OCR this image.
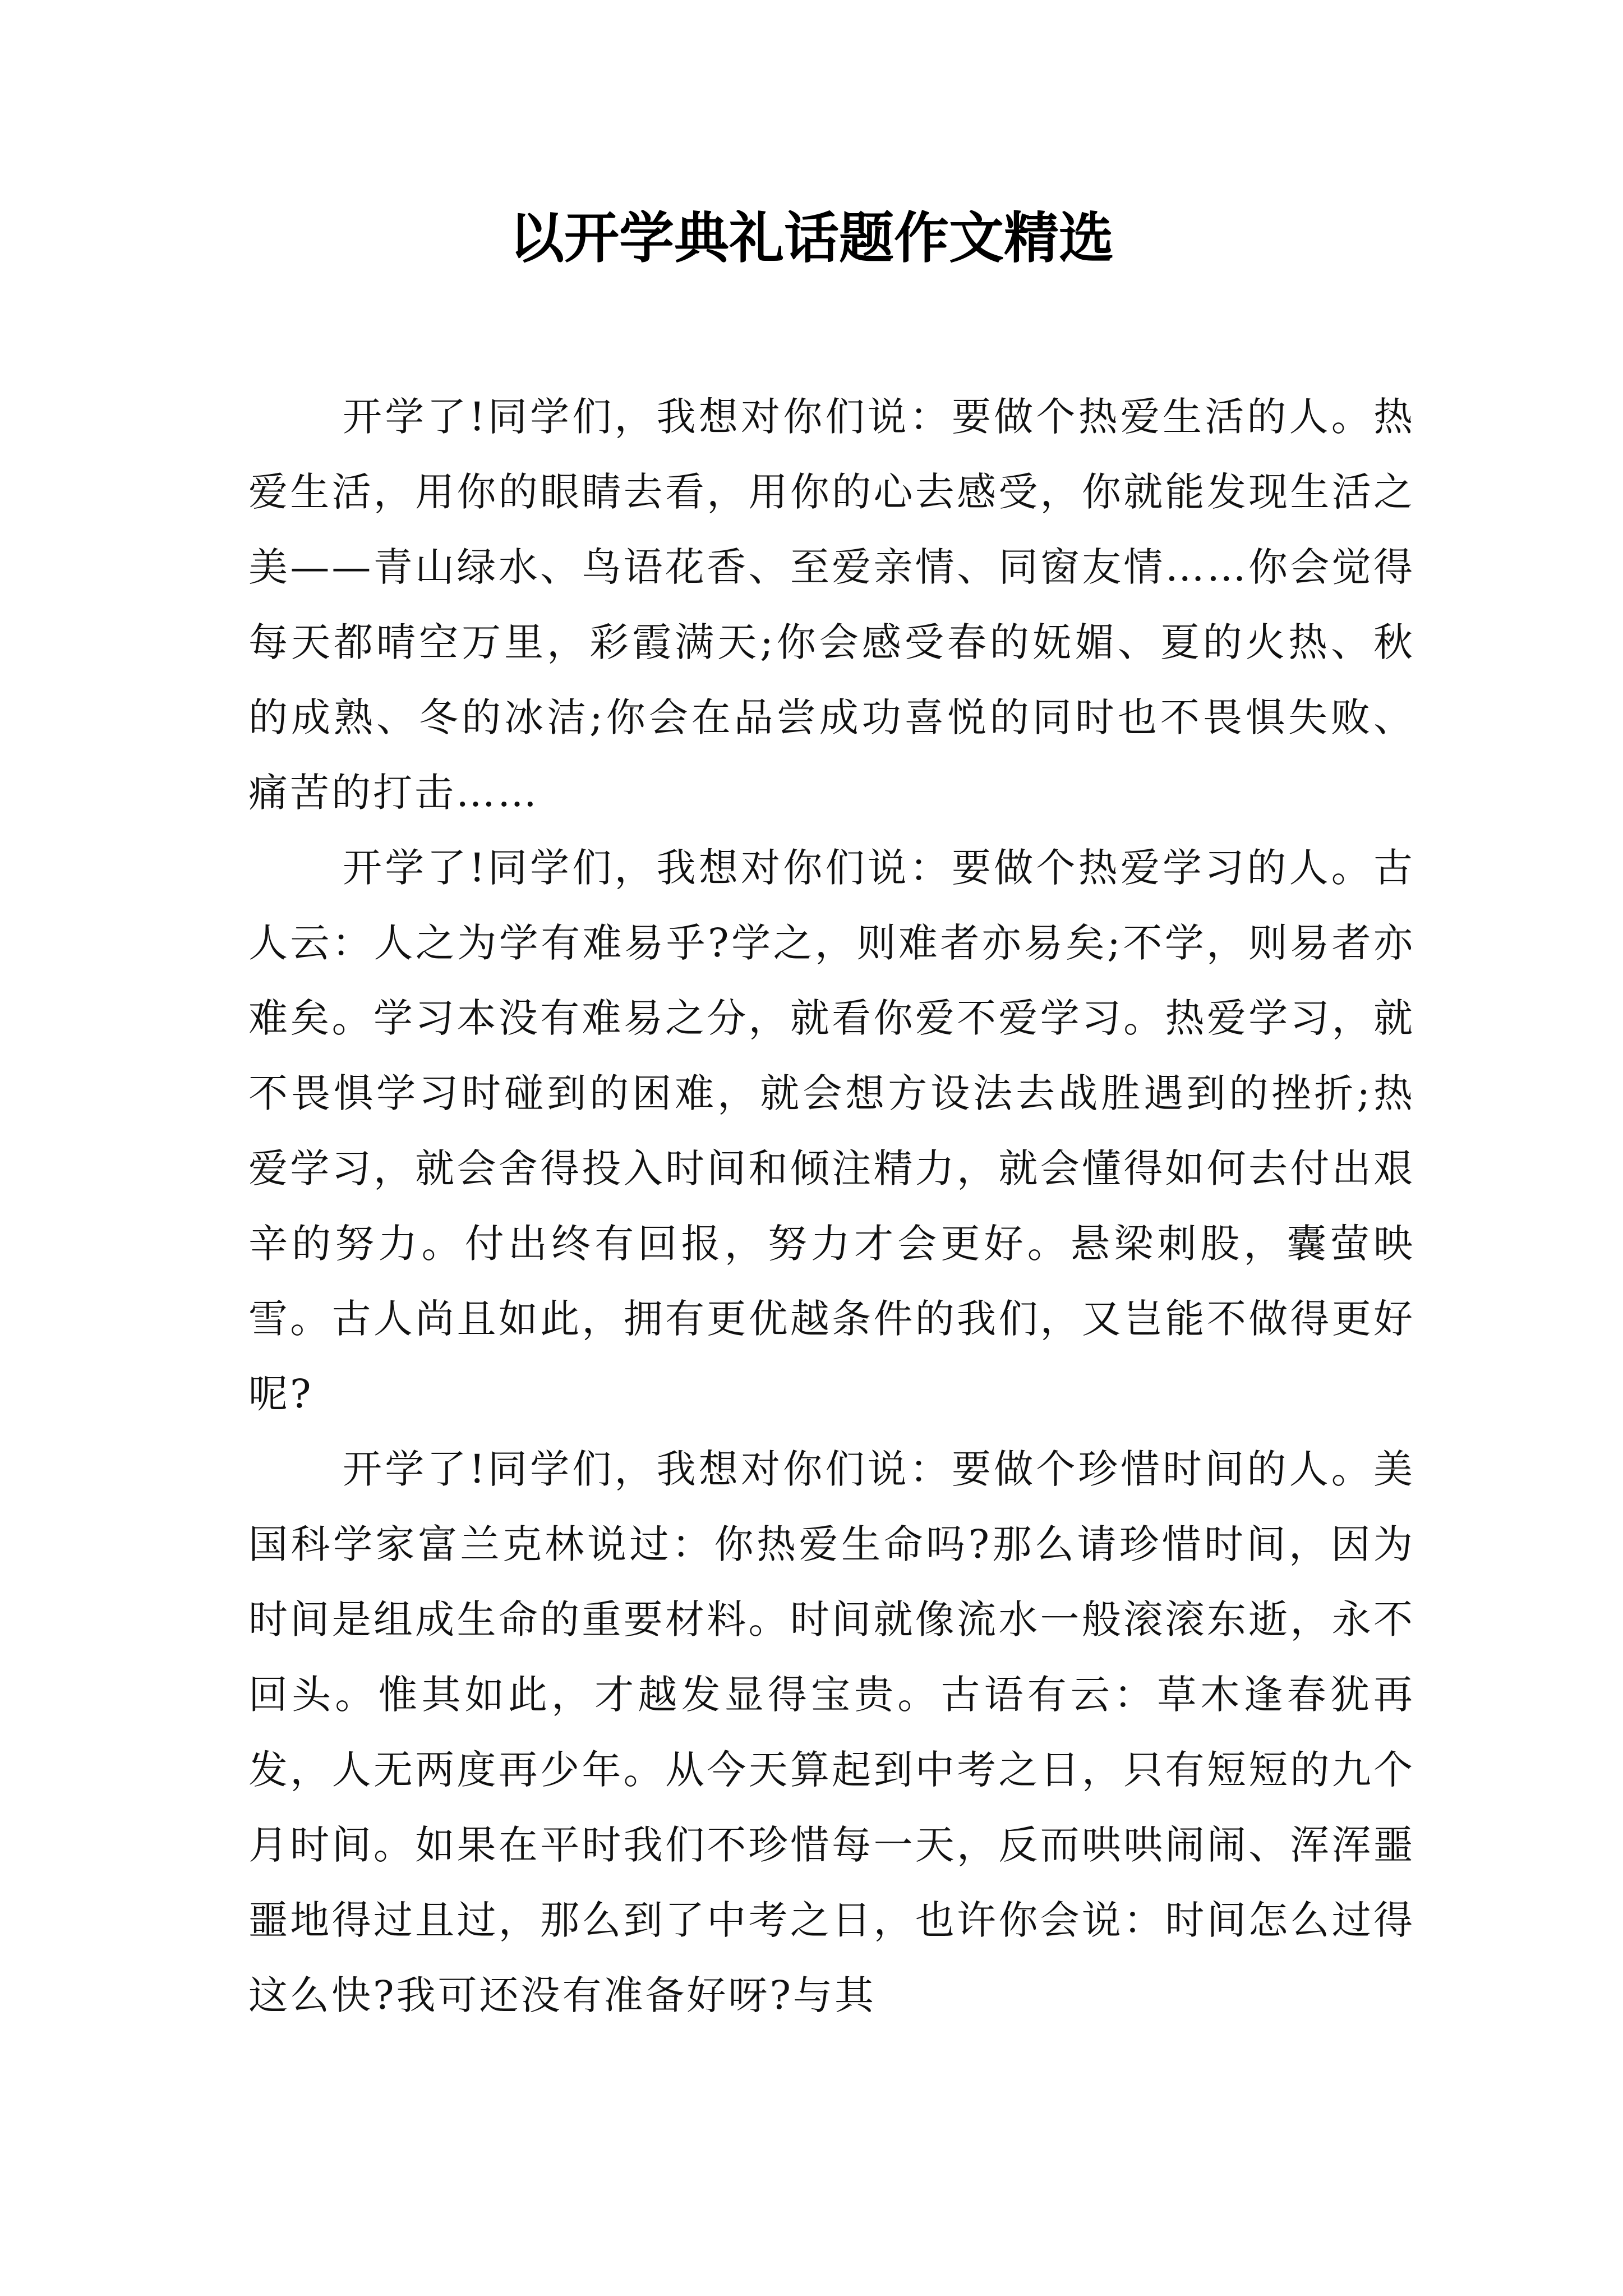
以开学典礼话题作文精选

开学了!同学们，我想对你们说：要做个热爱生活的人。热爱生活，用你的眼睛去看，用你的心去感受，你就能发现生活之美——青山绿水、鸟语花香、至爱亲情、同窗友情……你会觉得每天都晴空万里，彩霞满天;你会感受春的妩媚、夏的火热、秋的成熟、冬的冰洁;你会在品尝成功喜悦的同时也不畏惧失败、痛苦的打击……

开学了!同学们，我想对你们说：要做个热爱学习的人。古人云：人之为学有难易乎?学之，则难者亦易矣;不学，则易者亦难矣。学习本没有难易之分，就看你爱不爱学习。热爱学习，就不畏惧学习时碰到的困难，就会想方设法去战胜遇到的挫折;热爱学习，就会舍得投入时间和倾注精力，就会懂得如何去付出艰辛的努力。付出终有回报，努力才会更好。悬梁刺股，囊萤映雪。古人尚且如此，拥有更优越条件的我们，又岂能不做得更好呢?

开学了!同学们，我想对你们说：要做个珍惜时间的人。美国科学家富兰克林说过：你热爱生命吗?那么请珍惜时间，因为时间是组成生命的重要材料。时间就像流水一般滚滚东逝，永不回头。惟其如此，才越发显得宝贵。古语有云：草木逢春犹再发，人无两度再少年。从今天算起到中考之日，只有短短的九个月时间。如果在平时我们不珍惜每一天，反而哄哄闹闹、浑浑噩噩地得过且过，那么到了中考之日，也许你会说：时间怎么过得这么快?我可还没有准备好呀?与其
